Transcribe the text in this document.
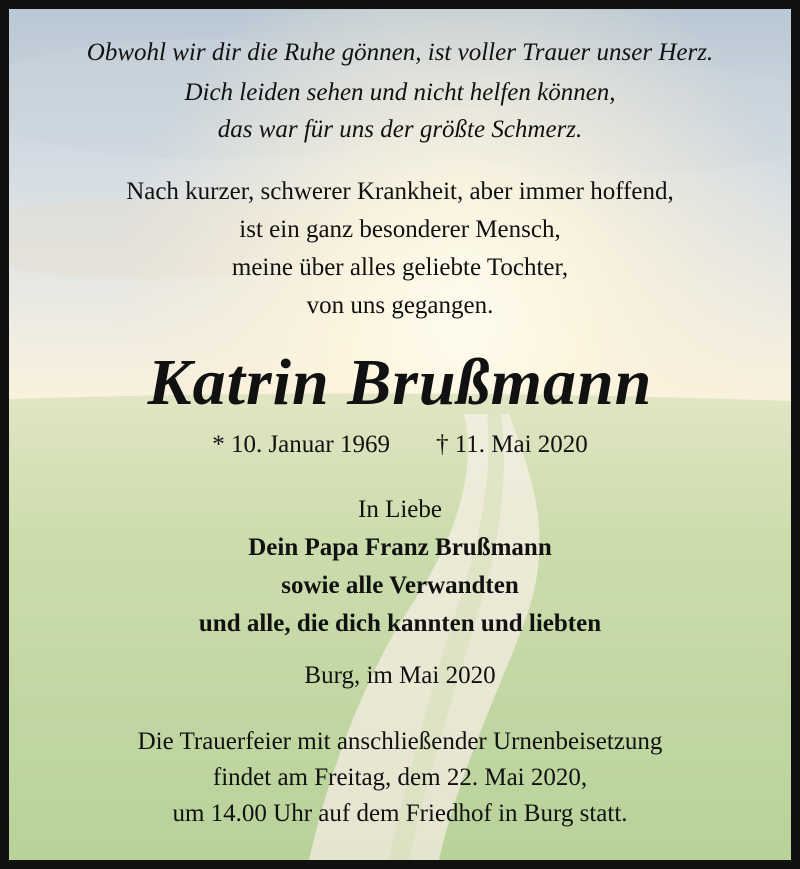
Obwohl wir dir die Ruhe gönnen, ist voller Trauer unser Herz.
Dich leiden sehen und nicht helfen können,
das war für uns der größte Schmerz.
Nach kurzer, schwerer Krankheit, aber immer hoffend,
ist ein ganz besonderer Mensch,
meine über alles geliebte Tochter,
von uns gegangen.
Katrin Brußmann
* 10. Januar 1969 † 11. Mai 2020
In Liebe
Dein Papa Franz Brußmann
sowie alle Verwandten
und alle, die dich kannten und liebten
Burg, im Mai 2020
Die Trauerfeier mit anschließender Urnenbeisetzung
findet am Freitag, dem 22. Mai 2020,
um 14.00 Uhr auf dem Friedhof in Burg statt.
